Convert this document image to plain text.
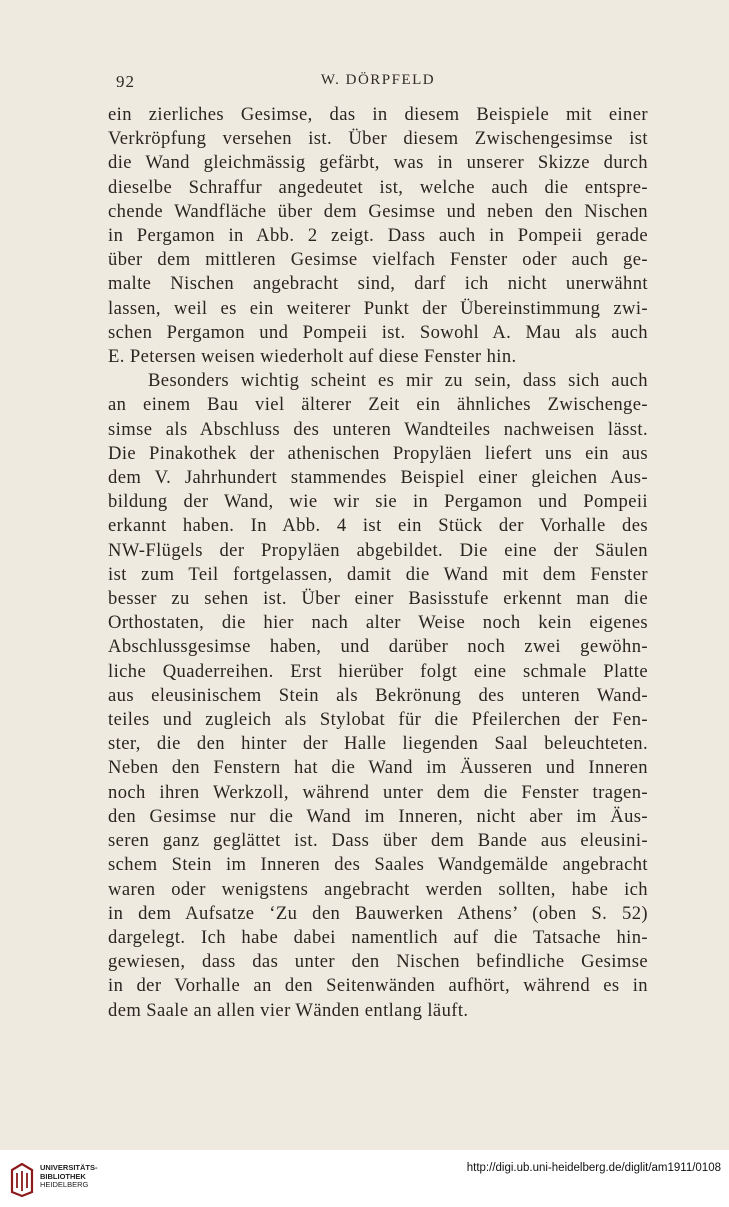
92	W. DÖRPFELD
ein zierliches Gesimse, das in diesem Beispiele mit einer
Verkröpfung versehen ist. Über diesem Zwischengesimse ist
die Wand gleichmässig gefärbt, was in unserer Skizze durch
dieselbe Schraffur angedeutet ist, welche auch die entspre-
chende Wandfläche über dem Gesimse und neben den Nischen
in Pergamon in Abb. 2 zeigt. Dass auch in Pompeii gerade
über dem mittleren Gesimse vielfach Fenster oder auch ge-
malte Nischen angebracht sind, darf ich nicht unerwähnt
lassen, weil es ein weiterer Punkt der Übereinstimmung zwi-
schen Pergamon und Pompeii ist. Sowohl A. Mau als auch
E. Petersen weisen wiederholt auf diese Fenster hin.
Besonders wichtig scheint es mir zu sein, dass sich auch
an einem Bau viel älterer Zeit ein ähnliches Zwischenge-
simse als Abschluss des unteren Wandteiles nachweisen lässt.
Die Pinakothek der athenischen Propyläen liefert uns ein aus
dem V. Jahrhundert stammendes Beispiel einer gleichen Aus-
bildung der Wand, wie wir sie in Pergamon und Pompeii
erkannt haben. In Abb. 4 ist ein Stück der Vorhalle des
NW-Flügels der Propyläen abgebildet. Die eine der Säulen
ist zum Teil fortgelassen, damit die Wand mit dem Fenster
besser zu sehen ist. Über einer Basisstufe erkennt man die
Orthostaten, die hier nach alter Weise noch kein eigenes
Abschlussgesimse haben, und darüber noch zwei gewöhn-
liche Quaderreihen. Erst hierüber folgt eine schmale Platte
aus eleusinischem Stein als Bekrönung des unteren Wand-
teiles und zugleich als Stylobat für die Pfeilerchen der Fen-
ster, die den hinter der Halle liegenden Saal beleuchteten.
Neben den Fenstern hat die Wand im Äusseren und Inneren
noch ihren Werkzoll, während unter dem die Fenster tragen-
den Gesimse nur die Wand im Inneren, nicht aber im Äus-
seren ganz geglättet ist. Dass über dem Bande aus eleusini-
schem Stein im Inneren des Saales Wandgemälde angebracht
waren oder wenigstens angebracht werden sollten, habe ich
in dem Aufsatze ‘Zu den Bauwerken Athens’ (oben S. 52)
dargelegt. Ich habe dabei namentlich auf die Tatsache hin-
gewiesen, dass das unter den Nischen befindliche Gesimse
in der Vorhalle an den Seitenwänden aufhört, während es in
dem Saale an allen vier Wänden entlang läuft.
UNIVERSITÄTS-
BIBLIOTHEK
HEIDELBERG
http://digi.ub.uni-heidelberg.de/diglit/am1911/0108
